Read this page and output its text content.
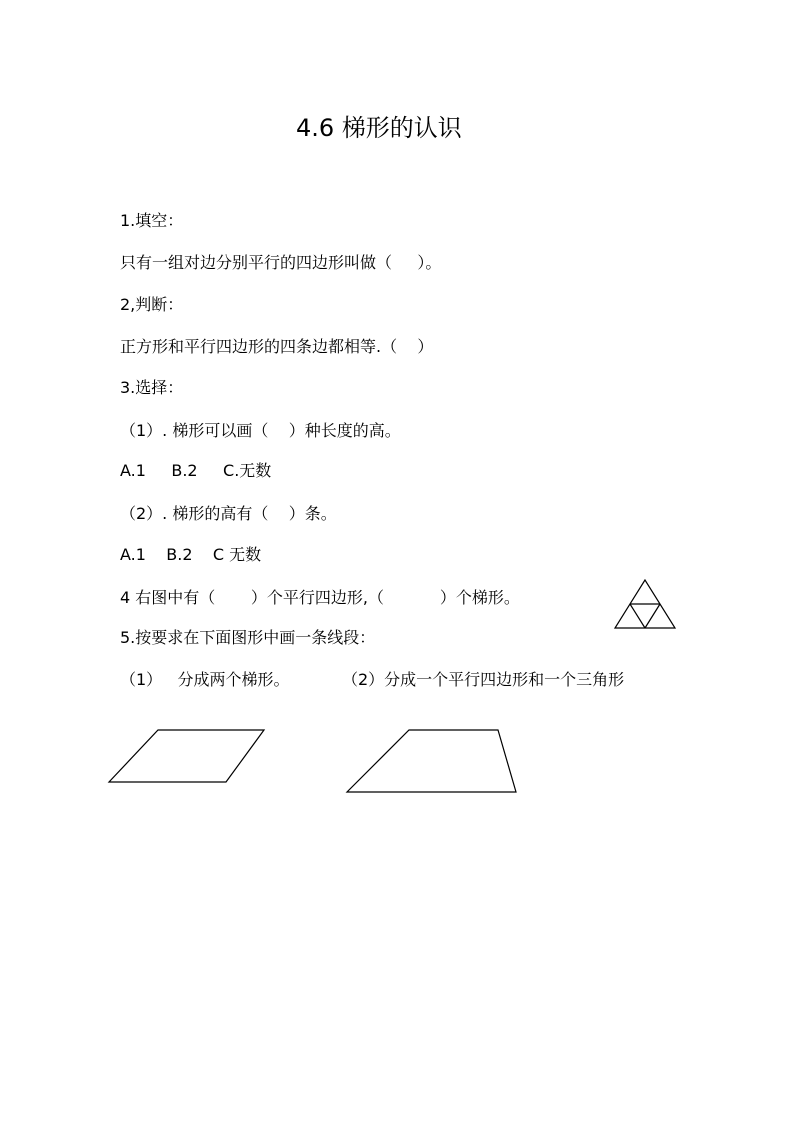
4.6 梯形的认识
1.填空：
只有一组对边分别平行的四边形叫做（     ）。
2,判断：
正方形和平行四边形的四条边都相等.（    ）
3.选择：
（1）. 梯形可以画（    ）种长度的高。
A.1     B.2     C.无数
（2）. 梯形的高有（    ）条。
A.1    B.2    C 无数
4 右图中有（       ）个平行四边形,（           ）个梯形。
5.按要求在下面图形中画一条线段：
（1）   分成两个梯形。	（2）分成一个平行四边形和一个三角形
